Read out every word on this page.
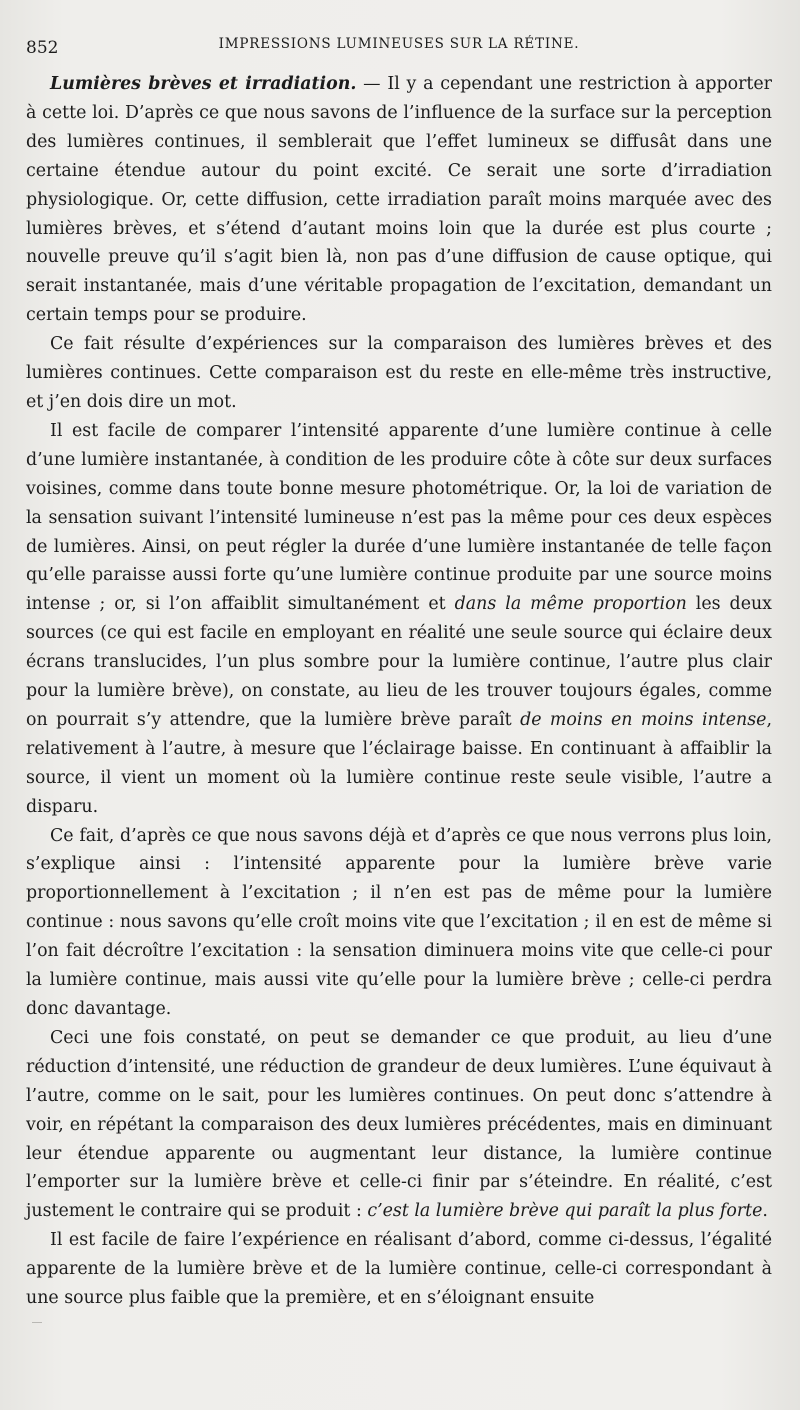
852	IMPRESSIONS LUMINEUSES SUR LA RÉTINE.

Lumières brèves et irradiation. — Il y a cependant une restriction à apporter à cette loi. D’après ce que nous savons de l’influence de la surface sur la perception des lumières continues, il semblerait que l’effet lumineux se diffusât dans une certaine étendue autour du point excité. Ce serait une sorte d’irradiation physiologique. Or, cette diffusion, cette irradiation paraît moins marquée avec des lumières brèves, et s’étend d’autant moins loin que la durée est plus courte ; nouvelle preuve qu’il s’agit bien là, non pas d’une diffusion de cause optique, qui serait instantanée, mais d’une véritable propagation de l’excitation, demandant un certain temps pour se produire.

Ce fait résulte d’expériences sur la comparaison des lumières brèves et des lumières continues. Cette comparaison est du reste en elle-même très instructive, et j’en dois dire un mot.

Il est facile de comparer l’intensité apparente d’une lumière continue à celle d’une lumière instantanée, à condition de les produire côte à côte sur deux surfaces voisines, comme dans toute bonne mesure photométrique. Or, la loi de variation de la sensation suivant l’intensité lumineuse n’est pas la même pour ces deux espèces de lumières. Ainsi, on peut régler la durée d’une lumière instantanée de telle façon qu’elle paraisse aussi forte qu’une lumière continue produite par une source moins intense ; or, si l’on affaiblit simultanément et dans la même proportion les deux sources (ce qui est facile en employant en réalité une seule source qui éclaire deux écrans translucides, l’un plus sombre pour la lumière continue, l’autre plus clair pour la lumière brève), on constate, au lieu de les trouver toujours égales, comme on pourrait s’y attendre, que la lumière brève paraît de moins en moins intense, relativement à l’autre, à mesure que l’éclairage baisse. En continuant à affaiblir la source, il vient un moment où la lumière continue reste seule visible, l’autre a disparu.

Ce fait, d’après ce que nous savons déjà et d’après ce que nous verrons plus loin, s’explique ainsi : l’intensité apparente pour la lumière brève varie proportionnellement à l’excitation ; il n’en est pas de même pour la lumière continue : nous savons qu’elle croît moins vite que l’excitation ; il en est de même si l’on fait décroître l’excitation : la sensation diminuera moins vite que celle-ci pour la lumière continue, mais aussi vite qu’elle pour la lumière brève ; celle-ci perdra donc davantage.

Ceci une fois constaté, on peut se demander ce que produit, au lieu d’une réduction d’intensité, une réduction de grandeur de deux lumières. L’une équivaut à l’autre, comme on le sait, pour les lumières continues. On peut donc s’attendre à voir, en répétant la comparaison des deux lumières précédentes, mais en diminuant leur étendue apparente ou augmentant leur distance, la lumière continue l’emporter sur la lumière brève et celle-ci finir par s’éteindre. En réalité, c’est justement le contraire qui se produit : c’est la lumière brève qui paraît la plus forte.

Il est facile de faire l’expérience en réalisant d’abord, comme ci-dessus, l’égalité apparente de la lumière brève et de la lumière continue, celle-ci correspondant à une source plus faible que la première, et en s’éloignant ensuite
